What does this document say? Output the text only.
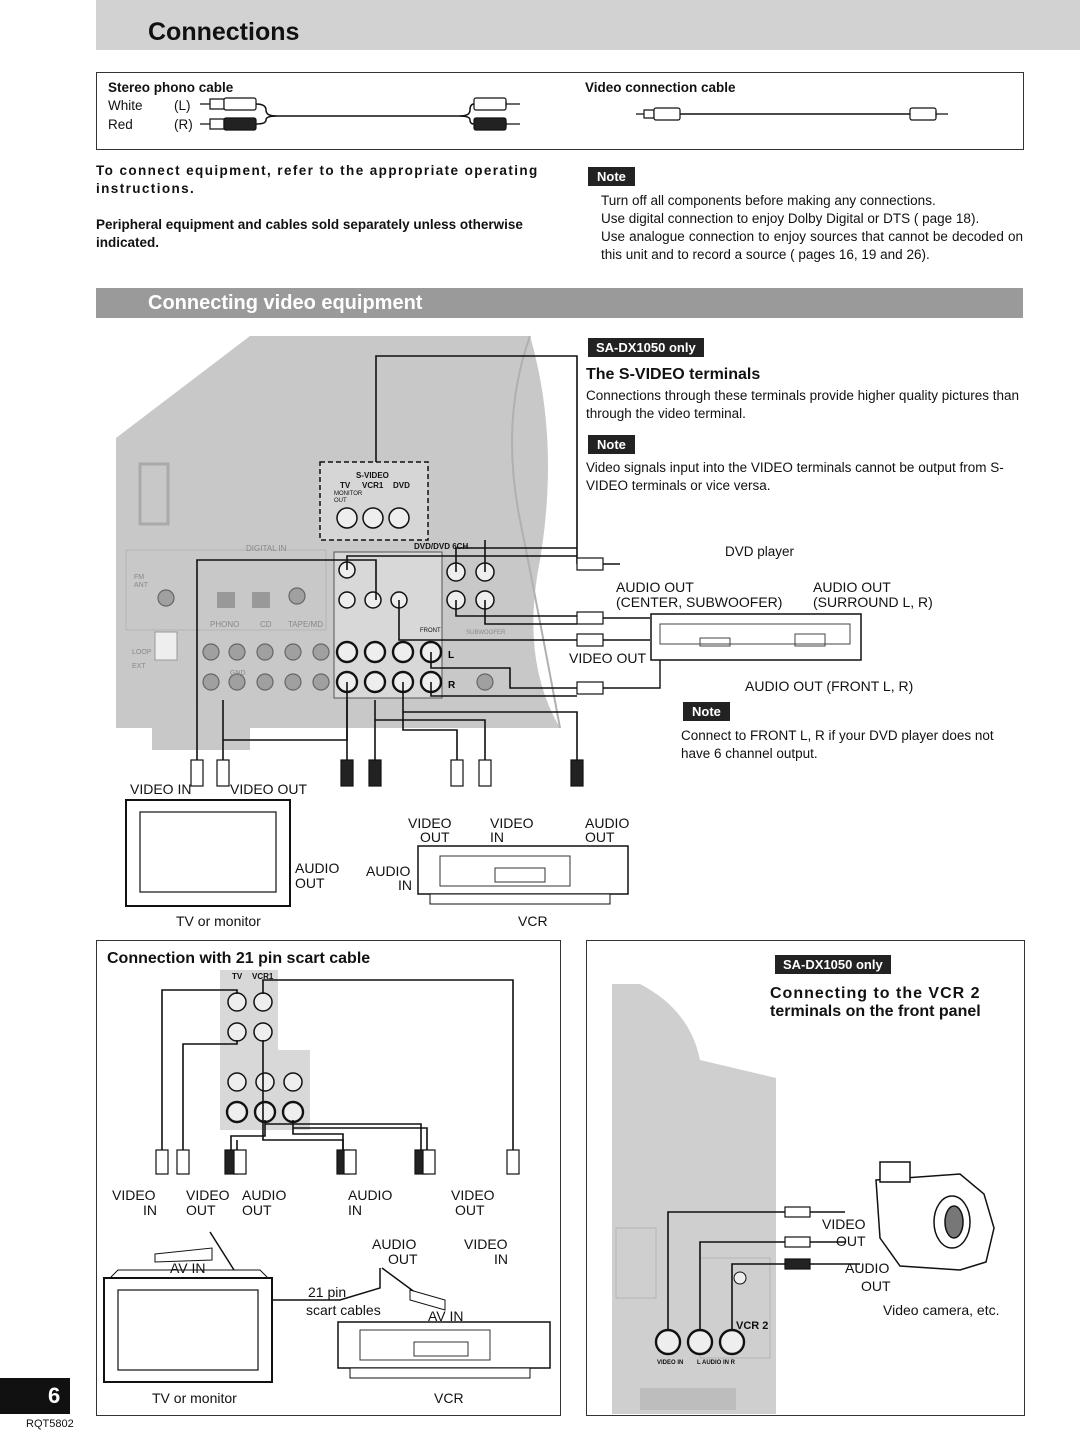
Connections
Stereo phono cable
White (L)
Red	(R)
Video connection cable
To connect equipment, refer to the appropriate operating instructions.
Peripheral equipment and cables sold separately unless otherwise indicated.
Note
Turn off all components before making any connections.
Use digital connection to enjoy Dolby Digital or DTS ( page 18).
Use analogue connection to enjoy sources that cannot be decoded on this unit and to record a source ( pages 16, 19 and 26).
Connecting video equipment
SA-DX1050 only
The S-VIDEO terminals
Connections through these terminals provide higher quality pictures than through the video terminal.
Note
Video signals input into the VIDEO terminals cannot be output from S-VIDEO terminals or vice versa.
L
R
S-VIDEO
TV VCR1 DVD
MONITOR OUT
DVD/DVD 6CH
DIGITAL IN
PHONO	CD TAPE/MD
FRONT	SUBWOOFER
FM ANT
LOOP EXT
GND
DVD player
AUDIO OUT
(CENTER, SUBWOOFER)
AUDIO OUT
(SURROUND L, R)
VIDEO OUT
AUDIO OUT (FRONT L, R)
Note
Connect to FRONT L, R if your DVD player does not have 6 channel output.
VIDEO IN	VIDEO OUT
VIDEO
OUT
VIDEO
IN
AUDIO
OUT
AUDIO
OUT
AUDIO
IN
TV or monitor	VCR
Connection with 21 pin scart cable
TV VCR1
VIDEO
IN
VIDEO
OUT
AUDIO
OUT
AUDIO
IN
VIDEO
OUT
AUDIO
OUT
VIDEO
IN
AV IN
21 pin
scart cables	AV IN
TV or monitor	VCR
SA-DX1050 only
Connecting to the VCR 2
terminals on the front panel
VIDEO
OUT
AUDIO
OUT
Video camera, etc.
VCR 2
VIDEO IN L AUDIO IN R
6
RQT5802
